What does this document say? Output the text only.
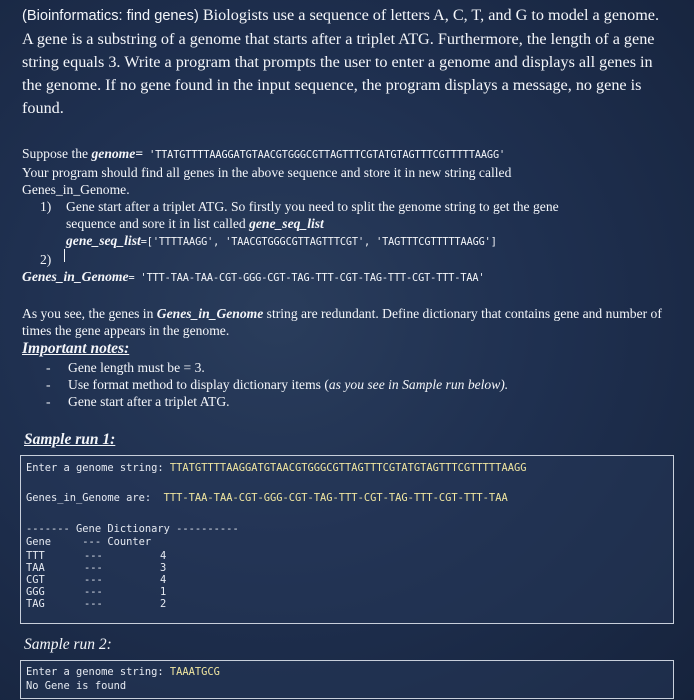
(Bioinformatics: find genes) Biologists use a sequence of letters A, C, T, and G to model a genome. A gene is a substring of a genome that starts after a triplet ATG. Furthermore, the length of a gene string equals 3. Write a program that prompts the user to enter a genome and displays all genes in the genome. If no gene found in the input sequence, the program displays a message, no gene is found.
Suppose the genome= 'TTATGTTTTAAGGATGTAACGTGGGCGTTAGTTTCGTATGTAGTTTCGTTTTTAAGG'
Your program should find all genes in the above sequence and store it in new string called
Genes_in_Genome.
1) Gene start after a triplet ATG. So firstly you need to split the genome string to get the gene
sequence and sore it in list called gene_seq_list
gene_seq_list=['TTTTAAGG', 'TAACGTGGGCGTTAGTTTCGT', 'TAGTTTCGTTTTTAAGG']
2)
Genes_in_Genome= 'TTT-TAA-TAA-CGT-GGG-CGT-TAG-TTT-CGT-TAG-TTT-CGT-TTT-TAA'
As you see, the genes in Genes_in_Genome string are redundant. Define dictionary that contains gene and number of times the gene appears in the genome.
Important notes:
- Gene length must be = 3.
- Use format method to display dictionary items (as you see in Sample run below).
- Gene start after a triplet ATG.
Sample run 1:
Enter a genome string: TTATGTTTTAAGGATGTAACGTGGGCGTTAGTTTCGTATGTAGTTTCGTTTTTAAGG
Genes_in_Genome are:  TTT-TAA-TAA-CGT-GGG-CGT-TAG-TTT-CGT-TAG-TTT-CGT-TTT-TAA
------- Gene Dictionary ----------
Gene     --- Counter
TTT	---	4
TAA	---	3
CGT	---	4
GGG	---	1
TAG	---	2
Sample run 2:
Enter a genome string: TAAATGCG
No Gene is found
